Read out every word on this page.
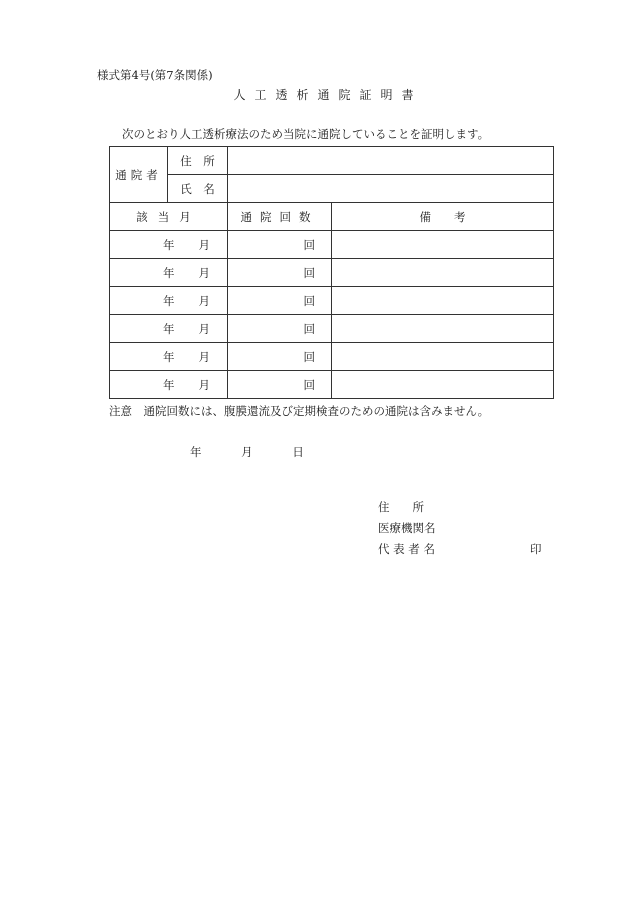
様式第4号(第7条関係)
人工透析通院証明書
次のとおり人工透析療法のため当院に通院していることを証明します。
通院者	住　所		
	氏　名		
該当月		通院回数	備　　考
年 月		回	
年 月		回	
年 月		回	
年 月		回	
年 月		回	
年 月		回	
注意　通院回数には、腹膜還流及び定期検査のための通院は含みません。
年	月	日
住　　所
医療機関名
代 表 者 名	印
